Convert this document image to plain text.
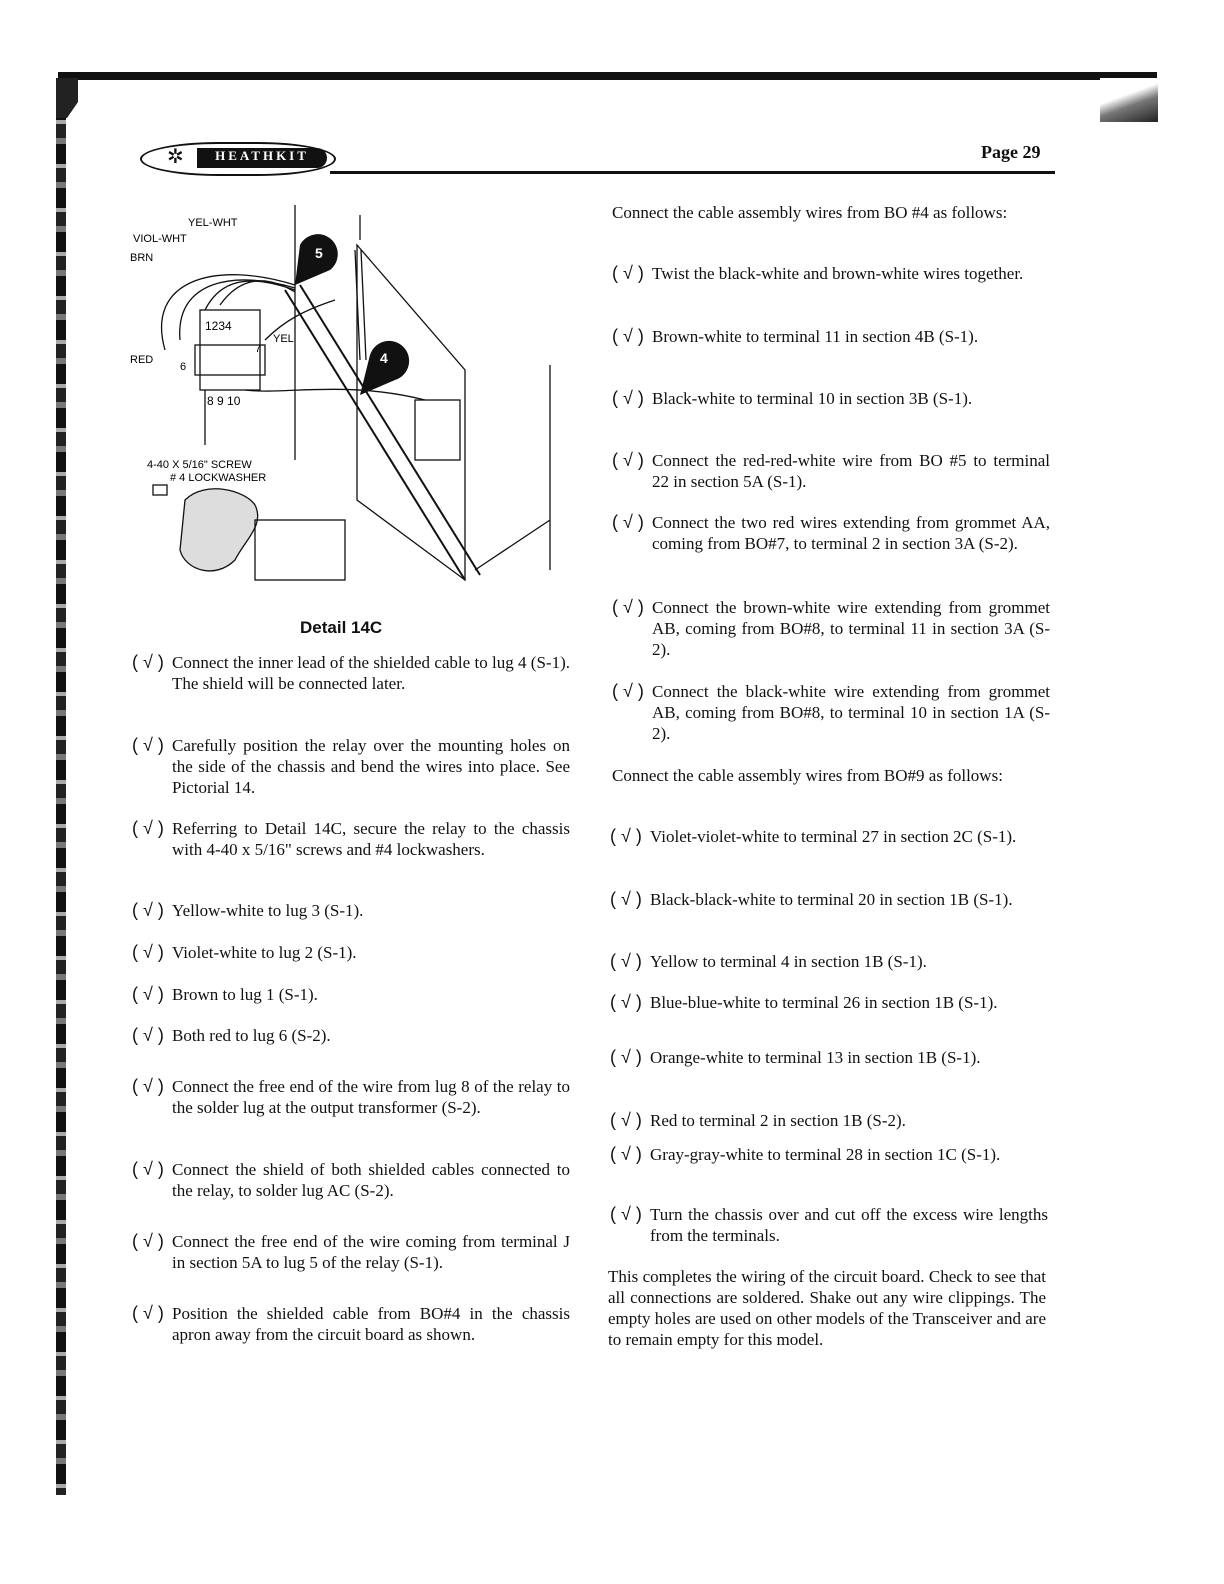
✲	HEATHKIT	Page 29
5
4
YEL-WHT
VIOL-WHT
BRN
RED
YEL
1234
6
7
8 9 10
4-40 X 5/16" SCREW
# 4 LOCKWASHER
Detail 14C
Connect the cable assembly wires from BO #4 as follows:
Connect the cable assembly wires from BO#9 as follows:
This completes the wiring of the circuit board. Check to see that all connections are soldered. Shake out any wire clippings. The empty holes are used on other models of the Transceiver and are to remain empty for this model.
( √ ) Connect the inner lead of the shielded cable to lug 4 (S-1). The shield will be connected later.
( √ ) Carefully position the relay over the mounting holes on the side of the chassis and bend the wires into place. See Pictorial 14.
( √ ) Referring to Detail 14C, secure the relay to the chassis with 4-40 x 5/16" screws and #4 lockwashers.
( √ ) Yellow-white to lug 3 (S-1).
( √ ) Violet-white to lug 2 (S-1).
( √ ) Brown to lug 1 (S-1).
( √ ) Both red to lug 6 (S-2).
( √ ) Connect the free end of the wire from lug 8 of the relay to the solder lug at the output transformer (S-2).
( √ ) Connect the shield of both shielded cables connected to the relay, to solder lug AC (S-2).
( √ ) Connect the free end of the wire coming from terminal J in section 5A to lug 5 of the relay (S-1).
( √ ) Position the shielded cable from BO#4 in the chassis apron away from the circuit board as shown.
( √ ) Twist the black-white and brown-white wires together.
( √ ) Brown-white to terminal 11 in section 4B (S-1).
( √ ) Black-white to terminal 10 in section 3B (S-1).
( √ ) Connect the red-red-white wire from BO #5 to terminal 22 in section 5A (S-1).
( √ ) Connect the two red wires extending from grommet AA, coming from BO#7, to terminal 2 in section 3A (S-2).
( √ ) Connect the brown-white wire extending from grommet AB, coming from BO#8, to terminal 11 in section 3A (S-2).
( √ ) Connect the black-white wire extending from grommet AB, coming from BO#8, to terminal 10 in section 1A (S-2).
( √ ) Violet-violet-white to terminal 27 in section 2C (S-1).
( √ ) Black-black-white to terminal 20 in section 1B (S-1).
( √ ) Yellow to terminal 4 in section 1B (S-1).
( √ ) Blue-blue-white to terminal 26 in section 1B (S-1).
( √ ) Orange-white to terminal 13 in section 1B (S-1).
( √ ) Red to terminal 2 in section 1B (S-2).
( √ ) Gray-gray-white to terminal 28 in section 1C (S-1).
( √ ) Turn the chassis over and cut off the excess wire lengths from the terminals.
